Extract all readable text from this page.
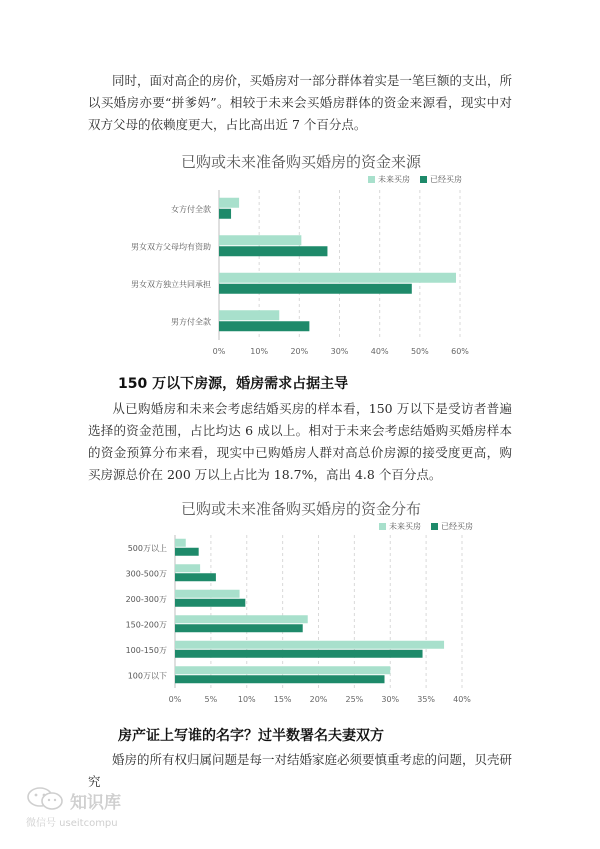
同时，面对高企的房价，买婚房对一部分群体着实是一笔巨额的支出，所以买婚房亦要“拼爹妈”。相较于未来会买婚房群体的资金来源看，现实中对双方父母的依赖度更大，占比高出近 7 个百分点。

已购或未来准备购买婚房的资金来源
未来买房	已经买房
0%	10%	20%	30%	40%	50%	60%
女方付全款
男女双方父母均有资助
男女双方独立共同承担
男方付全款
150 万以下房源，婚房需求占据主导

从已购婚房和未来会考虑结婚买房的样本看，150 万以下是受访者普遍选择的资金范围，占比均达 6 成以上。相对于未来会考虑结婚购买婚房样本的资金预算分布来看，现实中已购婚房人群对高总价房源的接受度更高，购买房源总价在 200 万以上占比为 18.7%，高出 4.8 个百分点。

已购或未来准备购买婚房的资金分布
未来买房	已经买房
0%	5%	10% 15% 20% 25% 30% 35% 40%
500万以上
300-500万
200-300万
150-200万
100-150万
100万以下
房产证上写谁的名字？过半数署名夫妻双方

婚房的所有权归属问题是每一对结婚家庭必须要慎重考虑的问题，贝壳研究

知识库
微信号 useitcompu
